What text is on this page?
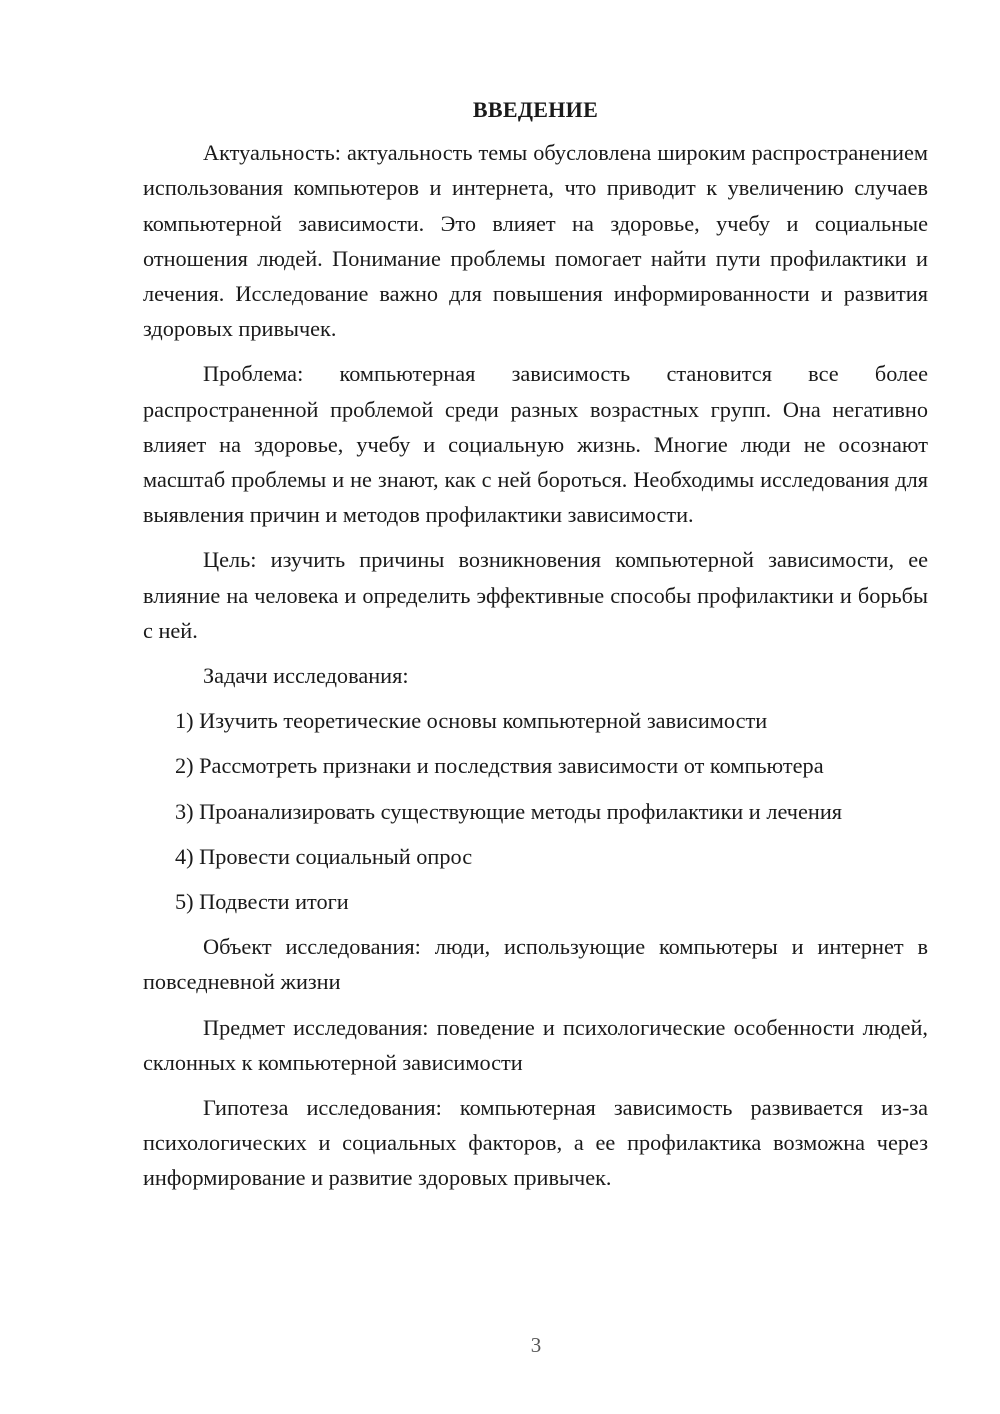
ВВЕДЕНИЕ

Актуальность: актуальность темы обусловлена широким распространением использования компьютеров и интернета, что приводит к увеличению случаев компьютерной зависимости. Это влияет на здоровье, учебу и социальные отношения людей. Понимание проблемы помогает найти пути профилактики и лечения. Исследование важно для повышения информированности и развития здоровых привычек.

Проблема: компьютерная зависимость становится все более распространенной проблемой среди разных возрастных групп. Она негативно влияет на здоровье, учебу и социальную жизнь. Многие люди не осознают масштаб проблемы и не знают, как с ней бороться. Необходимы исследования для выявления причин и методов профилактики зависимости.

Цель: изучить причины возникновения компьютерной зависимости, ее влияние на человека и определить эффективные способы профилактики и борьбы с ней.

Задачи исследования:

1) Изучить теоретические основы компьютерной зависимости
2) Рассмотреть признаки и последствия зависимости от компьютера
3) Проанализировать существующие методы профилактики и лечения
4) Провести социальный опрос
5) Подвести итоги

Объект исследования: люди, использующие компьютеры и интернет в повседневной жизни

Предмет исследования: поведение и психологические особенности людей, склонных к компьютерной зависимости

Гипотеза исследования: компьютерная зависимость развивается из-за психологических и социальных факторов, а ее профилактика возможна через информирование и развитие здоровых привычек.

3
